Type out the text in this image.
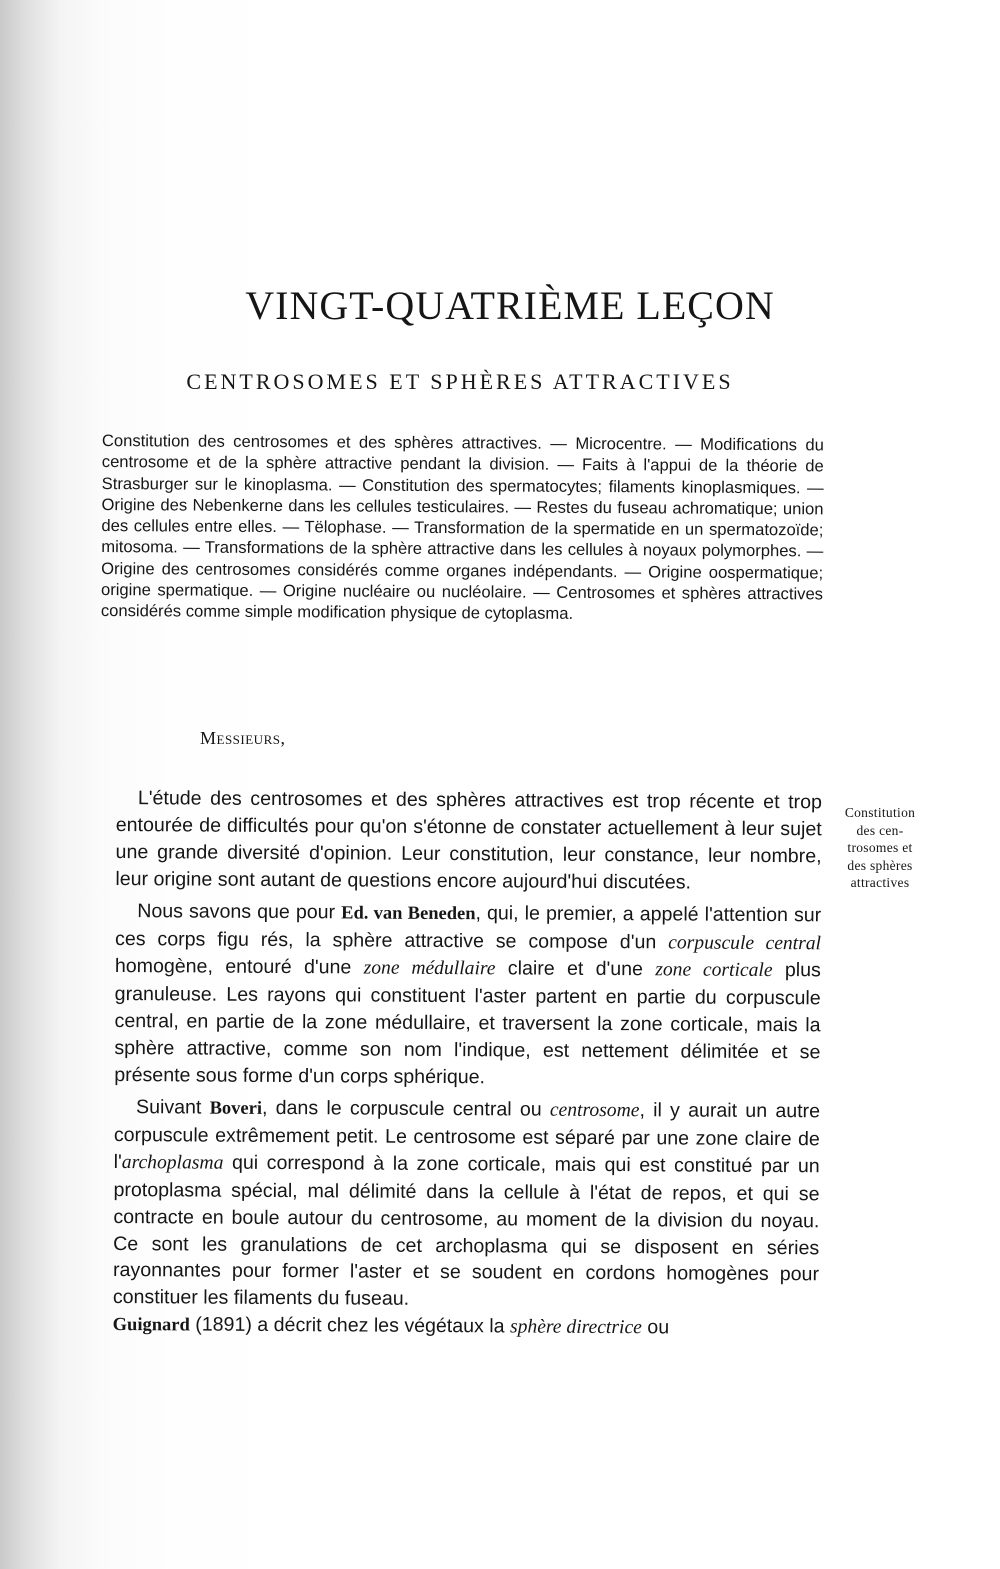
VINGT-QUATRIÈME LEÇON
CENTROSOMES ET SPHÈRES ATTRACTIVES

Constitution des centrosomes et des sphères attractives. — Microcentre. — Modifications du centrosome et de la sphère attractive pendant la division. — Faits à l'appui de la théorie de Strasburger sur le kinoplasma. — Constitution des spermatocytes; filaments kinoplasmiques. — Origine des Nebenkerne dans les cellules testiculaires. — Restes du fuseau achromatique; union des cellules entre elles. — Tëlophase. — Transformation de la spermatide en un spermatozoïde; mitosoma. — Transformations de la sphère attractive dans les cellules à noyaux polymorphes. — Origine des centrosomes considérés comme organes indépendants. — Origine oospermatique; origine spermatique. — Origine nucléaire ou nucléolaire. — Centrosomes et sphères attractives considérés comme simple modification physique de cytoplasma.

Messieurs,

Constitution
des cen-
trosomes et
des sphères
attractives

L'étude des centrosomes et des sphères attractives est trop récente et trop entourée de difficultés pour qu'on s'étonne de constater actuellement à leur sujet une grande diversité d'opinion. Leur constitution, leur constance, leur nombre, leur origine sont autant de questions encore aujourd'hui discutées.

Nous savons que pour Ed. van Beneden, qui, le premier, a appelé l'attention sur ces corps figu rés, la sphère attractive se compose d'un corpuscule central homogène, entouré d'une zone médullaire claire et d'une zone corticale plus granuleuse. Les rayons qui constituent l'aster partent en partie du corpuscule central, en partie de la zone médullaire, et traversent la zone corticale, mais la sphère attractive, comme son nom l'indique, est nettement délimitée et se présente sous forme d'un corps sphérique.

Suivant Boveri, dans le corpuscule central ou centrosome, il y aurait un autre corpuscule extrêmement petit. Le centrosome est séparé par une zone claire de l'archoplasma qui correspond à la zone corticale, mais qui est constitué par un protoplasma spécial, mal délimité dans la cellule à l'état de repos, et qui se contracte en boule autour du centrosome, au moment de la division du noyau. Ce sont les granulations de cet archoplasma qui se disposent en séries rayonnantes pour former l'aster et se soudent en cordons homogènes pour constituer les filaments du fuseau.

Guignard (1891) a décrit chez les végétaux la sphère directrice ou
